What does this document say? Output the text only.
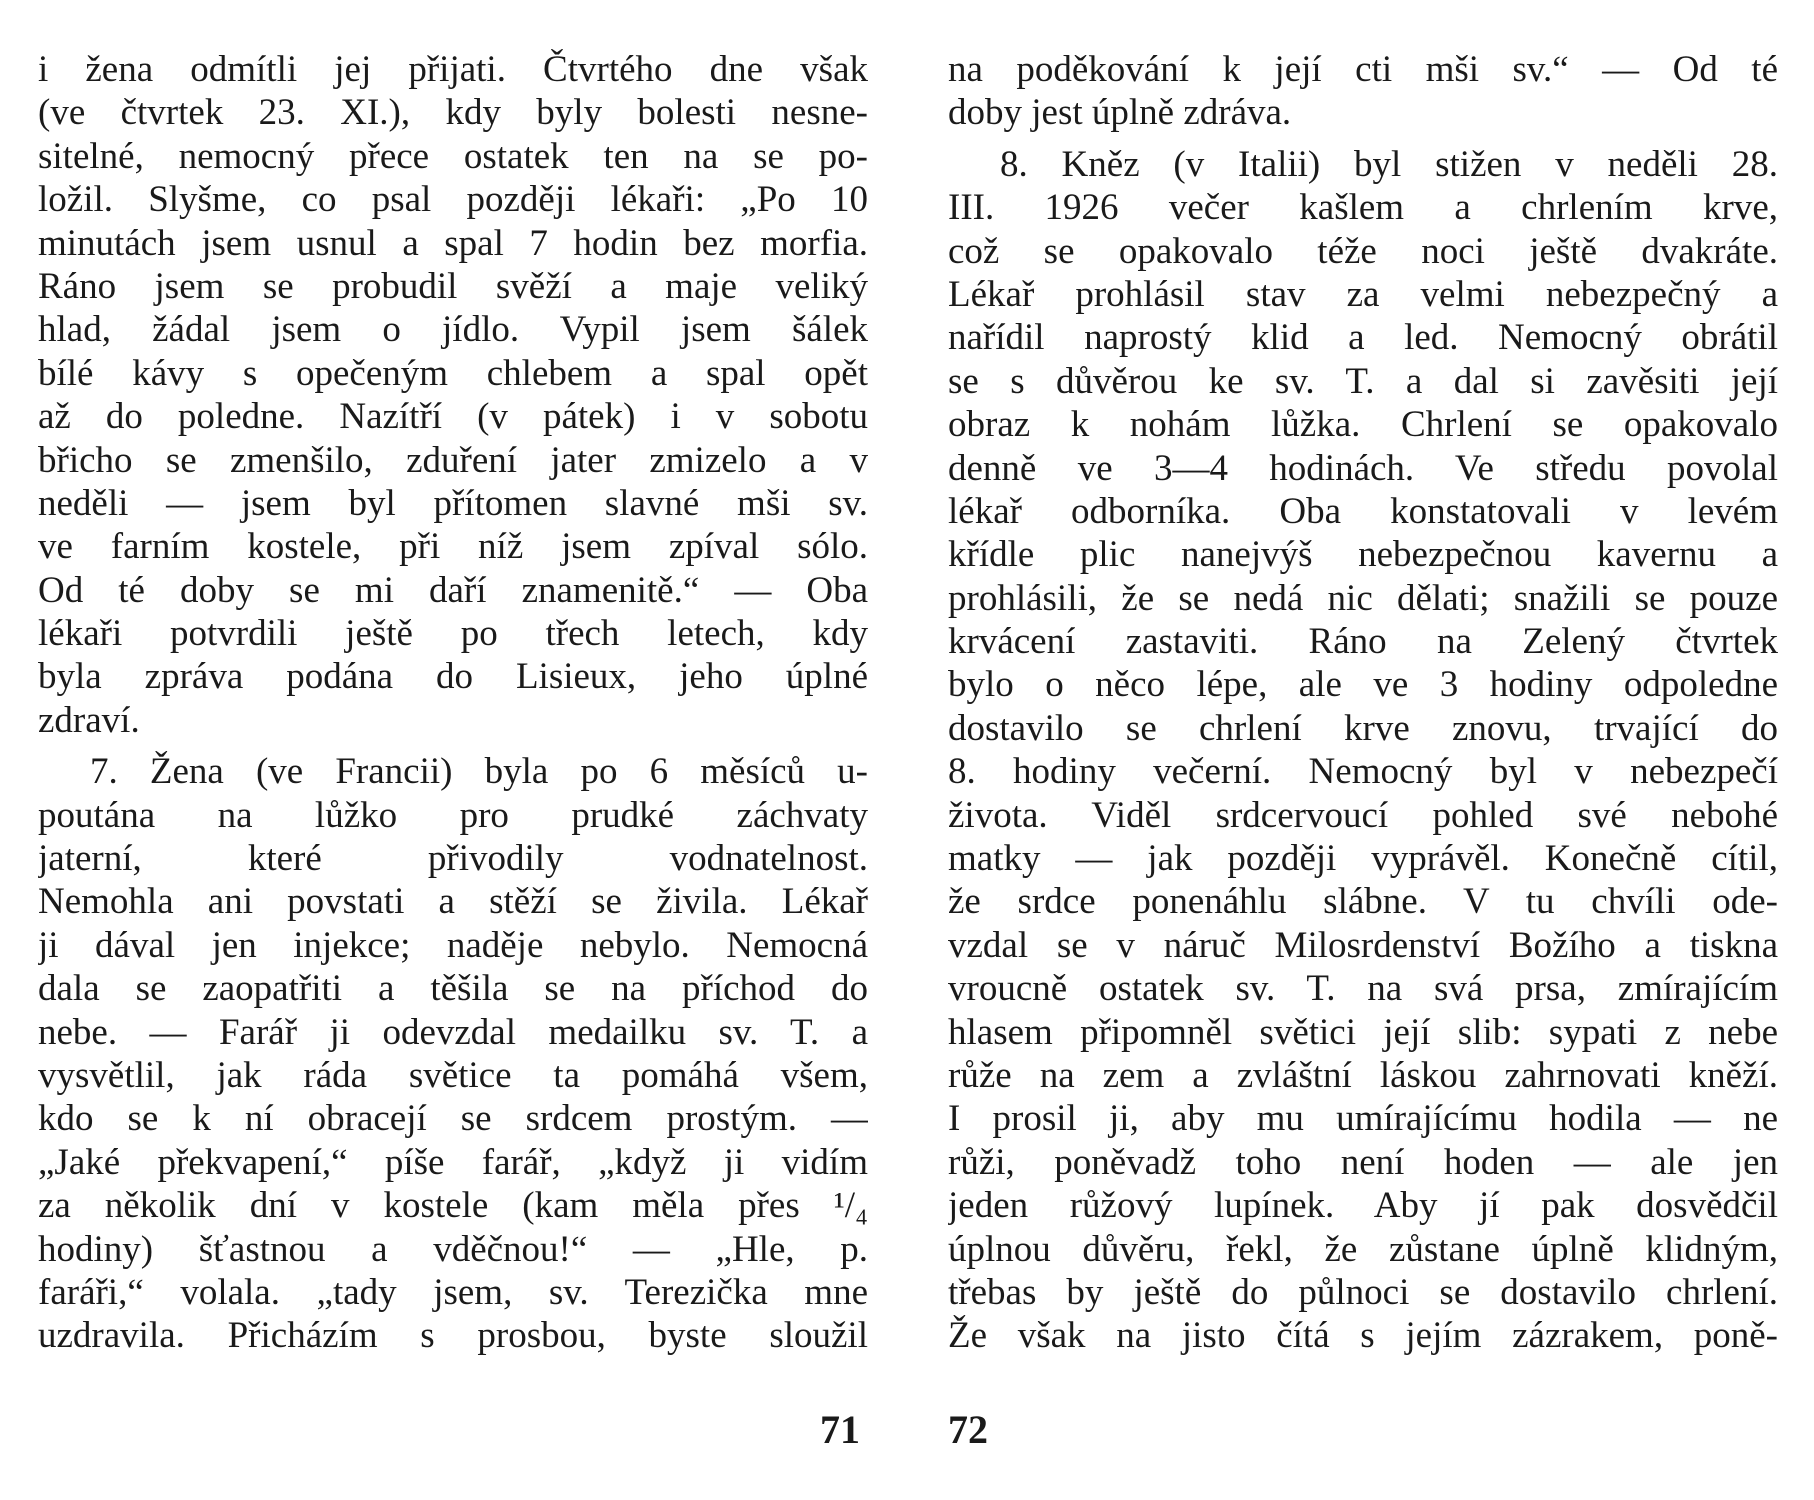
i žena odmítli jej přijati. Čtvrtého dne však
(ve čtvrtek 23. XI.), kdy byly bolesti nesne-
sitelné, nemocný přece ostatek ten na se po-
ložil. Slyšme, co psal později lékaři: „Po 10
minutách jsem usnul a spal 7 hodin bez morfia.
Ráno jsem se probudil svěží a maje veliký
hlad, žádal jsem o jídlo. Vypil jsem šálek
bílé kávy s opečeným chlebem a spal opět
až do poledne. Nazítří (v pátek) i v sobotu
břicho se zmenšilo, zduření jater zmizelo a v
neděli — jsem byl přítomen slavné mši sv.
ve farním kostele, při níž jsem zpíval sólo.
Od té doby se mi daří znamenitě.“ — Oba
lékaři potvrdili ještě po třech letech, kdy
byla zpráva podána do Lisieux, jeho úplné
zdraví.
7. Žena (ve Francii) byla po 6 měsíců u-
poutána na lůžko pro prudké záchvaty
jaterní, které přivodily vodnatelnost.
Nemohla ani povstati a stěží se živila. Lékař
ji dával jen injekce; naděje nebylo. Nemocná
dala se zaopatřiti a těšila se na příchod do
nebe. — Farář ji odevzdal medailku sv. T. a
vysvětlil, jak ráda světice ta pomáhá všem,
kdo se k ní obracejí se srdcem prostým. —
„Jaké překvapení,“ píše farář, „když ji vidím
za několik dní v kostele (kam měla přes ¹/₄
hodiny) šťastnou a vděčnou!“ — „Hle, p.
faráři,“ volala. „tady jsem, sv. Terezička mne
uzdravila. Přicházím s prosbou, byste sloužil
na poděkování k její cti mši sv.“ — Od té
doby jest úplně zdráva.
8. Kněz (v Italii) byl stižen v neděli 28.
III. 1926 večer kašlem a chrlením krve,
což se opakovalo téže noci ještě dvakráte.
Lékař prohlásil stav za velmi nebezpečný a
nařídil naprostý klid a led. Nemocný obrátil
se s důvěrou ke sv. T. a dal si zavěsiti její
obraz k nohám lůžka. Chrlení se opakovalo
denně ve 3—4 hodinách. Ve středu povolal
lékař odborníka. Oba konstatovali v levém
křídle plic nanejvýš nebezpečnou kavernu a
prohlásili, že se nedá nic dělati; snažili se pouze
krvácení zastaviti. Ráno na Zelený čtvrtek
bylo o něco lépe, ale ve 3 hodiny odpoledne
dostavilo se chrlení krve znovu, trvající do
8. hodiny večerní. Nemocný byl v nebezpečí
života. Viděl srdcervoucí pohled své nebohé
matky — jak později vyprávěl. Konečně cítil,
že srdce ponenáhlu slábne. V tu chvíli ode-
vzdal se v náruč Milosrdenství Božího a tiskna
vroucně ostatek sv. T. na svá prsa, zmírajícím
hlasem připomněl světici její slib: sypati z nebe
růže na zem a zvláštní láskou zahrnovati kněží.
I prosil ji, aby mu umírajícímu hodila — ne
růži, poněvadž toho není hoden — ale jen
jeden růžový lupínek. Aby jí pak dosvědčil
úplnou důvěru, řekl, že zůstane úplně klidným,
třebas by ještě do půlnoci se dostavilo chrlení.
Že však na jisto čítá s jejím zázrakem, poně-
71 72
